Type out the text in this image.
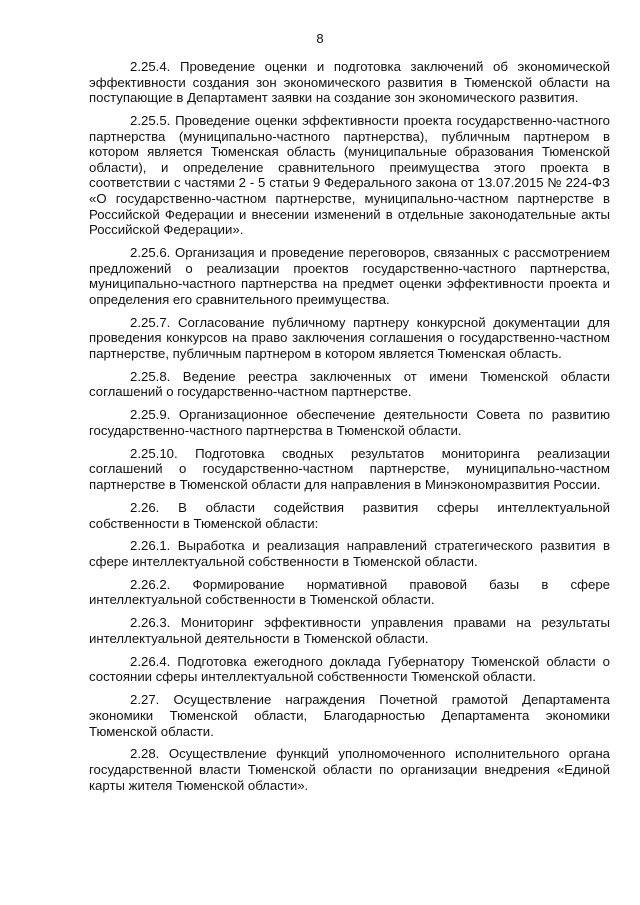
8

2.25.4. Проведение оценки и подготовка заключений об экономической эффективности создания зон экономического развития в Тюменской области на поступающие в Департамент заявки на создание зон экономического развития.

2.25.5. Проведение оценки эффективности проекта государственно-частного партнерства (муниципально-частного партнерства), публичным партнером в котором является Тюменская область (муниципальные образования Тюменской области), и определение сравнительного преимущества этого проекта в соответствии с частями 2 - 5 статьи 9 Федерального закона от 13.07.2015 № 224-ФЗ «О государственно-частном партнерстве, муниципально-частном партнерстве в Российской Федерации и внесении изменений в отдельные законодательные акты Российской Федерации».

2.25.6. Организация и проведение переговоров, связанных с рассмотрением предложений о реализации проектов государственно-частного партнерства, муниципально-частного партнерства на предмет оценки эффективности проекта и определения его сравнительного преимущества.

2.25.7. Согласование публичному партнеру конкурсной документации для проведения конкурсов на право заключения соглашения о государственно-частном партнерстве, публичным партнером в котором является Тюменская область.

2.25.8. Ведение реестра заключенных от имени Тюменской области соглашений о государственно-частном партнерстве.

2.25.9. Организационное обеспечение деятельности Совета по развитию государственно-частного партнерства в Тюменской области.

2.25.10. Подготовка сводных результатов мониторинга реализации соглашений о государственно-частном партнерстве, муниципально-частном партнерстве в Тюменской области для направления в Минэкономразвития России.

2.26. В области содействия развития сферы интеллектуальной собственности в Тюменской области:

2.26.1. Выработка и реализация направлений стратегического развития в сфере интеллектуальной собственности в Тюменской области.

2.26.2. Формирование нормативной правовой базы в сфере интеллектуальной собственности в Тюменской области.

2.26.3. Мониторинг эффективности управления правами на результаты интеллектуальной деятельности в Тюменской области.

2.26.4. Подготовка ежегодного доклада Губернатору Тюменской области о состоянии сферы интеллектуальной собственности Тюменской области.

2.27. Осуществление награждения Почетной грамотой Департамента экономики Тюменской области, Благодарностью Департамента экономики Тюменской области.

2.28. Осуществление функций уполномоченного исполнительного органа государственной власти Тюменской области по организации внедрения «Единой карты жителя Тюменской области».
